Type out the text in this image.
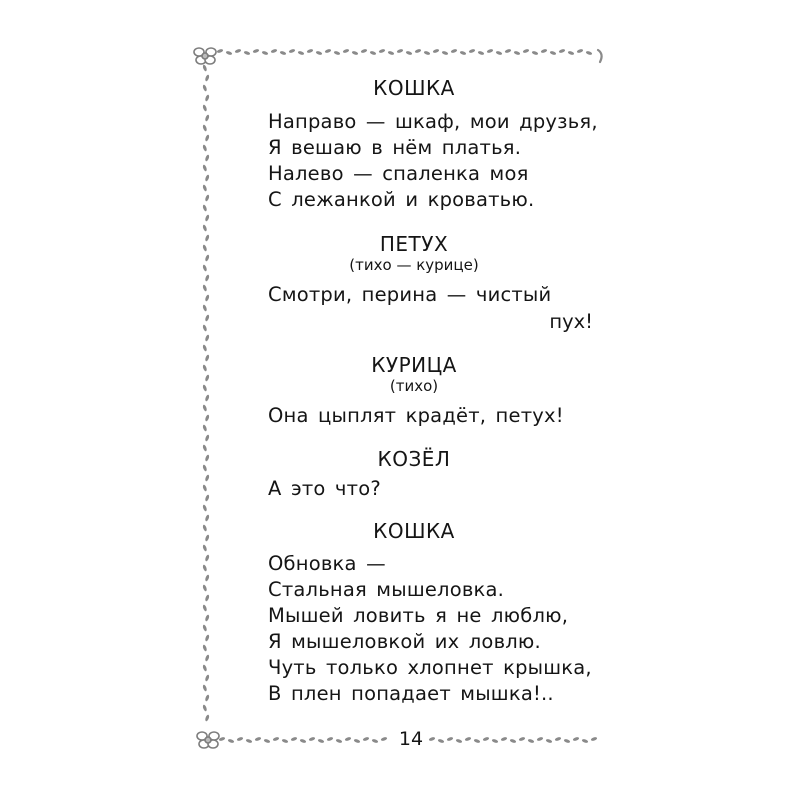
КОШКА
Направо — шкаф, мои друзья,
Я вешаю в нём платья.
Налево — спаленка моя
С лежанкой и кроватью.
ПЕТУХ
(тихо — курице)
Смотри, перина — чистый
пух!
КУРИЦА
(тихо)
Она цыплят крадёт, петух!
КОЗЁЛ
А это что?
КОШКА
Обновка —
Стальная мышеловка.
Мышей ловить я не люблю,
Я мышеловкой их ловлю.
Чуть только хлопнет крышка,
В плен попадает мышка!..
14
